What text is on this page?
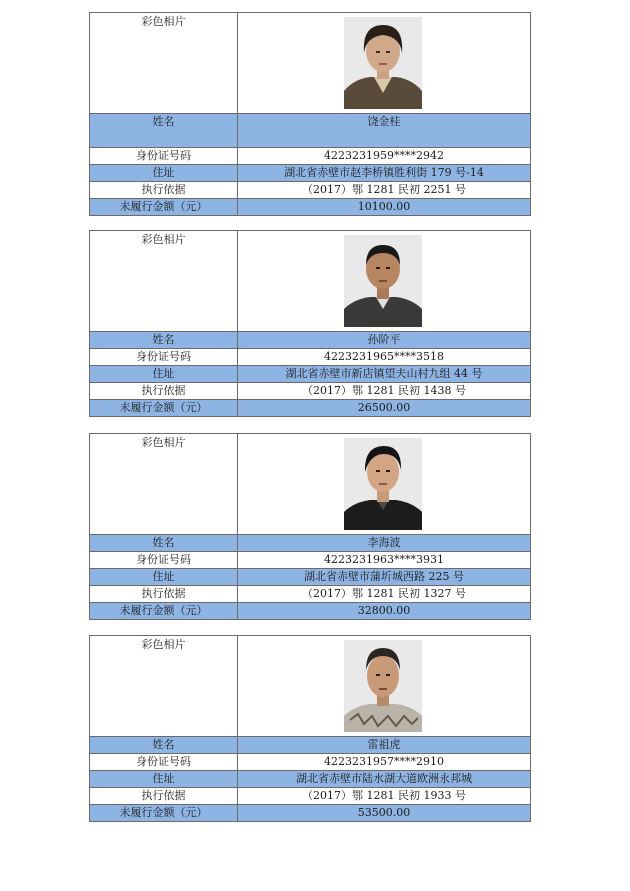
彩色相片
姓名	饶金桂
身份证号码	4223231959****2942
住址	湖北省赤壁市赵李桥镇胜利街 179 号-14
执行依据	（2017）鄂 1281 民初 2251 号
未履行金额（元）	10100.00
彩色相片
姓名	孙阶平
身份证号码	4223231965****3518
住址	湖北省赤壁市新店镇望夫山村九组 44 号
执行依据	（2017）鄂 1281 民初 1438 号
未履行金额（元）	26500.00
彩色相片
姓名	李海波
身份证号码	4223231963****3931
住址	湖北省赤壁市蒲圻城西路 225 号
执行依据	（2017）鄂 1281 民初 1327 号
未履行金额（元）	32800.00
彩色相片
姓名	雷祖虎
身份证号码	4223231957****2910
住址	湖北省赤壁市陆水湖大道欧洲永邦城
执行依据	（2017）鄂 1281 民初 1933 号
未履行金额（元）	53500.00
